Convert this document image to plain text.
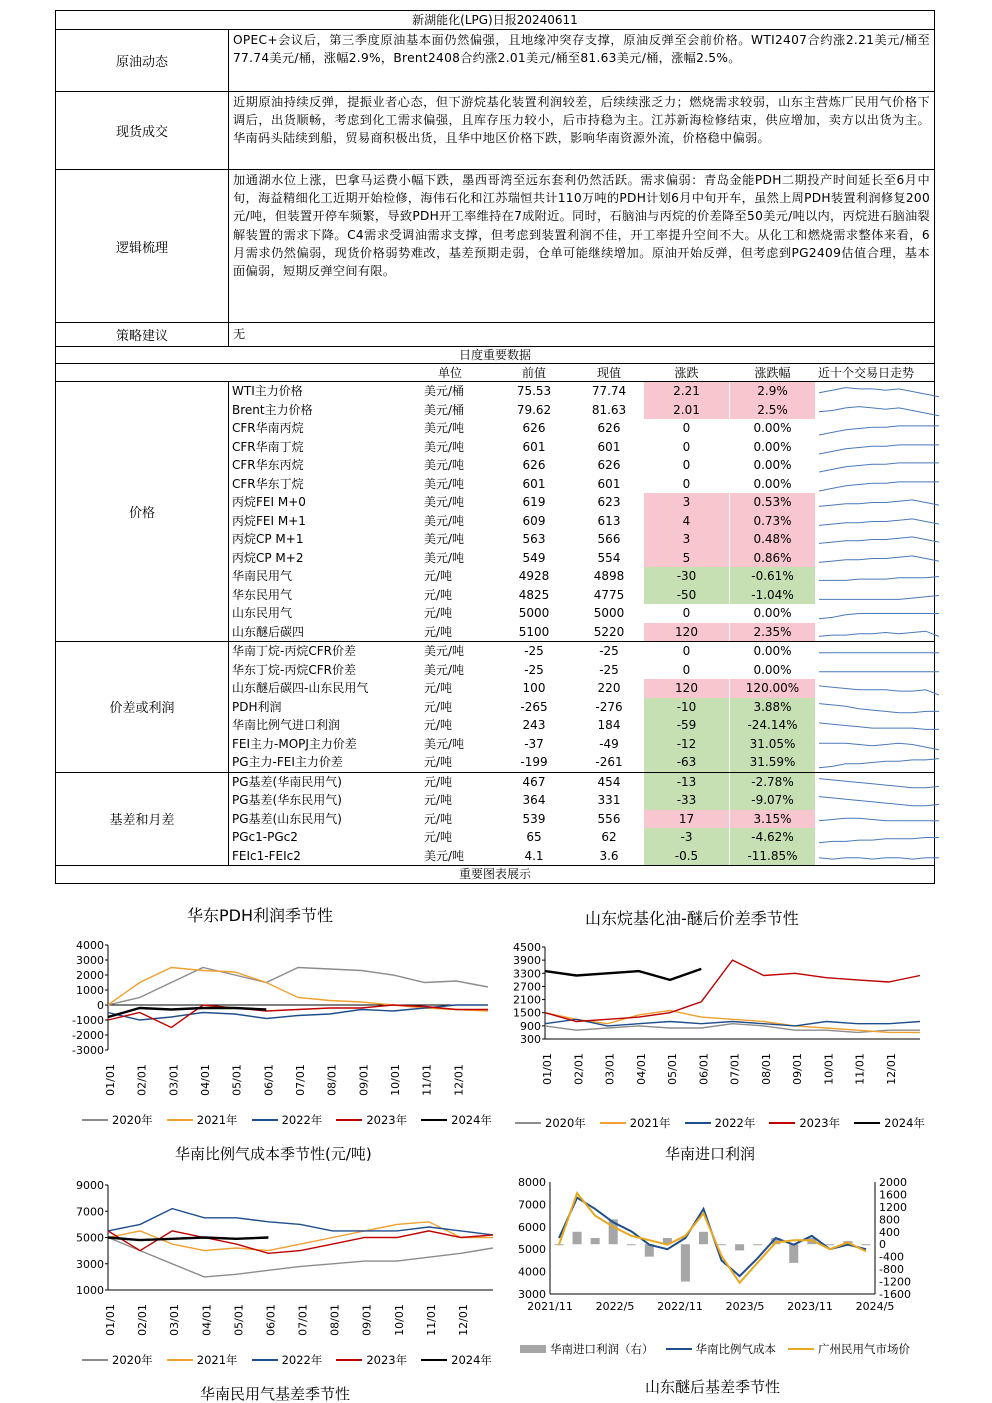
新湖能化(LPG)日报20240611
原油动态
OPEC+会议后，第三季度原油基本面仍然偏强，且地缘冲突存支撑，原油反弹至会前价格。WTI2407合约涨2.21美元/桶至77.74美元/桶，涨幅2.9%，Brent2408合约涨2.01美元/桶至81.63美元/桶，涨幅2.5%。
现货成交
近期原油持续反弹，提振业者心态，但下游烷基化装置利润较差，后续续涨乏力；燃烧需求较弱，山东主营炼厂民用气价格下调后，出货顺畅，考虑到化工需求偏强，且库存压力较小，后市持稳为主。江苏新海检修结束，供应增加，卖方以出货为主。华南码头陆续到船，贸易商积极出货，且华中地区价格下跌，影响华南资源外流，价格稳中偏弱。
逻辑梳理
加通湖水位上涨，巴拿马运费小幅下跌，墨西哥湾至远东套利仍然活跃。需求偏弱：青岛金能PDH二期投产时间延长至6月中旬，海益精细化工近期开始检修，海伟石化和江苏瑞恒共计110万吨的PDH计划6月中旬开车，虽然上周PDH装置利润修复200元/吨，但装置开停车频繁，导致PDH开工率维持在7成附近。同时，石脑油与丙烷的价差降至50美元/吨以内，丙烷进石脑油裂解装置的需求下降。C4需求受调油需求支撑，但考虑到装置利润不佳，开工率提升空间不大。从化工和燃烧需求整体来看，6月需求仍然偏弱，现货价格弱势难改，基差预期走弱，仓单可能继续增加。原油开始反弹，但考虑到PG2409估值合理，基本面偏弱，短期反弹空间有限。
策略建议	无
日度重要数据
单位	前值	现值	涨跌	涨跌幅	近十个交易日走势
价格
WTI主力价格	美元/桶	75.53	77.74	2.21	2.9%
Brent主力价格	美元/桶	79.62	81.63	2.01	2.5%
CFR华南丙烷	美元/吨	626	626	0	0.00%
CFR华南丁烷	美元/吨	601	601	0	0.00%
CFR华东丙烷	美元/吨	626	626	0	0.00%
CFR华东丁烷	美元/吨	601	601	0	0.00%
丙烷FEI M+0	美元/吨	619	623	3	0.53%
丙烷FEI M+1	美元/吨	609	613	4	0.73%
丙烷CP M+1	美元/吨	563	566	3	0.48%
丙烷CP M+2	美元/吨	549	554	5	0.86%
华南民用气	元/吨	4928	4898	-30	-0.61%
华东民用气	元/吨	4825	4775	-50	-1.04%
山东民用气	元/吨	5000	5000	0	0.00%
山东醚后碳四	元/吨	5100	5220	120	2.35%
价差或利润
华南丁烷-丙烷CFR价差	美元/吨	-25	-25	0	0.00%
华东丁烷-丙烷CFR价差	美元/吨	-25	-25	0	0.00%
山东醚后碳四-山东民用气	元/吨	100	220	120	120.00%
PDH利润	元/吨	-265	-276	-10	3.88%
华南比例气进口利润	元/吨	243	184	-59	-24.14%
FEI主力-MOPJ主力价差	美元/吨	-37	-49	-12	31.05%
PG主力-FEI主力价差	元/吨	-199	-261	-63	31.59%
基差和月差
PG基差(华南民用气)	元/吨	467	454	-13	-2.78%
PG基差(华东民用气)	元/吨	364	331	-33	-9.07%
PG基差(山东民用气)	元/吨	539	556	17	3.15%
PGc1-PGc2	元/吨	65	62	-3	-4.62%
FEIc1-FEIc2	美元/吨	4.1	3.6	-0.5	-11.85%
重要图表展示
华东PDH利润季节性	山东烷基化油-醚后价差季节性
华南比例气成本季节性(元/吨)	华南进口利润
华南民用气基差季节性	山东醚后基差季节性
4000
3000
2000
1000
0
-1000
-2000
-3000
01/01 02/01 03/01 04/01 05/01 06/01 07/01 08/01 09/01 10/01 11/01 12/01
4500
3900
3300
2700
2100
1500
900
300
01/01 02/01 03/01 04/01 05/01 06/01 07/01 08/01 09/01 10/01 11/01 12/01
9000
7000
5000
3000
1000
01/01 02/01 03/01 04/01 05/01 06/01 07/01 08/01 09/01 10/01 11/01 12/01
8000
7000
6000
5000
4000
3000
2000
1600
1200
800
400
0
-400
-800
-1200
-1600
2021/11 2022/5 2022/11 2023/5 2023/11 2024/5
2020年	2021年	2022年	2023年	2024年	2020年	2021年	2022年	2023年	2024年
2020年	2021年	2022年	2023年	2024年
华南进口利润（右）	华南比例气成本	广州民用气市场价
